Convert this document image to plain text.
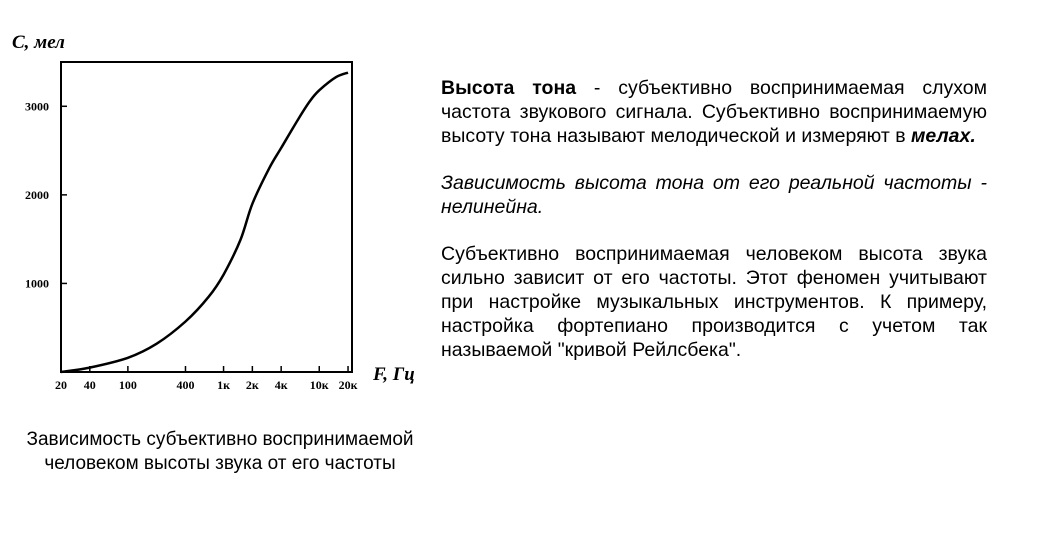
20 40 100	400 1к 2к 4к 10к 20к
1000
2000
3000
C, мел
F, Гц
Зависимость субъективно воспринимаемой человеком высоты звука от его частоты

Высота тона - субъективно воспринимаемая слухом частота звукового сигнала. Субъективно воспринимаемую высоту тона называют мелодической и измеряют в мелах.

Зависимость высота тона от его реальной частоты - нелинейна.

Субъективно воспринимаемая человеком высота звука сильно зависит от его частоты. Этот феномен учитывают при настройке музыкальных инструментов. К примеру, настройка фортепиано производится с учетом так называемой "кривой Рейлсбека".
